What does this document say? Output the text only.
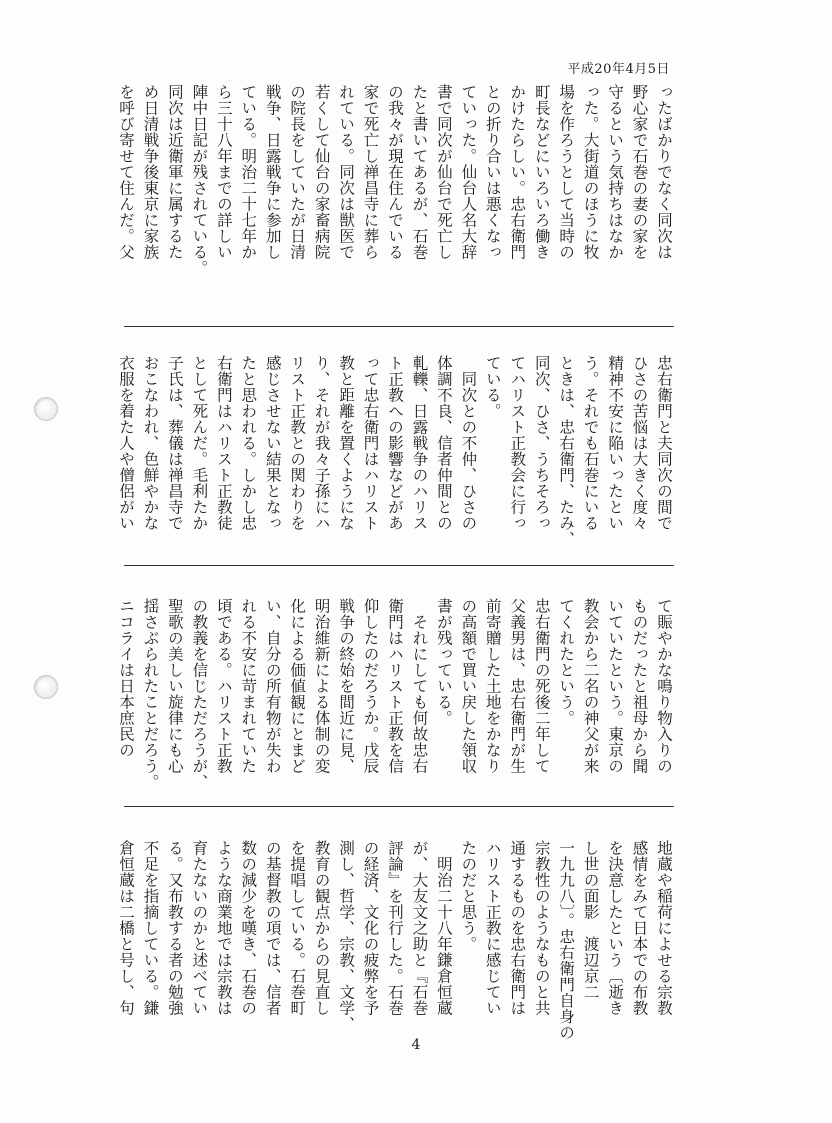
平成20年4月5日
ったばかりでなく同次は
野心家で石巻の妻の家を
守るという気持ちはなか
った。大街道のほうに牧
場を作ろうとして当時の
町長などにいろいろ働き
かけたらしい。忠右衛門
との折り合いは悪くなっ
ていった。仙台人名大辞
書で同次が仙台で死亡し
たと書いてあるが、石巻
の我々が現在住んでいる
家で死亡し禅昌寺に葬ら
れている。同次は獣医で
若くして仙台の家畜病院
の院長をしていたが日清
戦争、日露戦争に参加し
ている。明治二十七年か
ら三十八年までの詳しい
陣中日記が残されている。
同次は近衛軍に属するた
め日清戦争後東京に家族
を呼び寄せて住んだ。父
忠右衛門と夫同次の間で
ひさの苦悩は大きく度々
精神不安に陥いったとい
う。それでも石巻にいる
ときは、忠右衛門、たみ、
同次、ひさ、うちそろっ
てハリスト正教会に行っ
ている。
　同次との不仲、ひさの
体調不良、信者仲間との
軋轢、日露戦争のハリス
ト正教への影響などがあ
って忠右衛門はハリスト
教と距離を置くようにな
り、それが我々子孫にハ
リスト正教との関わりを
感じさせない結果となっ
たと思われる。しかし忠
右衛門はハリスト正教徒
として死んだ。毛利たか
子氏は、葬儀は禅昌寺で
おこなわれ、色鮮やかな
衣服を着た人や僧侶がい
て賑やかな鳴り物入りの
ものだったと祖母から聞
いていたという。東京の
教会から二名の神父が来
てくれたという。
忠右衛門の死後二年して
父義男は、忠右衛門が生
前寄贈した土地をかなり
の高額で買い戻した領収
書が残っている。
　それにしても何故忠右
衛門はハリスト正教を信
仰したのだろうか。戊辰
戦争の終始を間近に見、
明治維新による体制の変
化による価値観にとまど
い、自分の所有物が失わ
れる不安に苛まれていた
頃である。ハリスト正教
の教義を信じただろうが、
聖歌の美しい旋律にも心
揺さぶられたことだろう。
ニコライは日本庶民の
地蔵や稲荷によせる宗教
感情をみて日本での布教
を決意したという〔逝き
し世の面影　渡辺京二
一九九八〕。忠右衛門自身の
宗教性のようなものと共
通するものを忠右衛門は
ハリスト正教に感じてい
たのだと思う。
　明治二十八年鎌倉恒蔵
が、大友文之助と『石巻
評論』を刊行した。石巻
の経済、文化の疲弊を予
測し、哲学、宗教、文学、
教育の観点からの見直し
を提唱している。石巻町
の基督教の項では、信者
数の減少を嘆き、石巻の
ような商業地では宗教は
育たないのかと述べてい
る。又布教する者の勉強
不足を指摘している。鎌
倉恒蔵は二橋と号し、句
4
